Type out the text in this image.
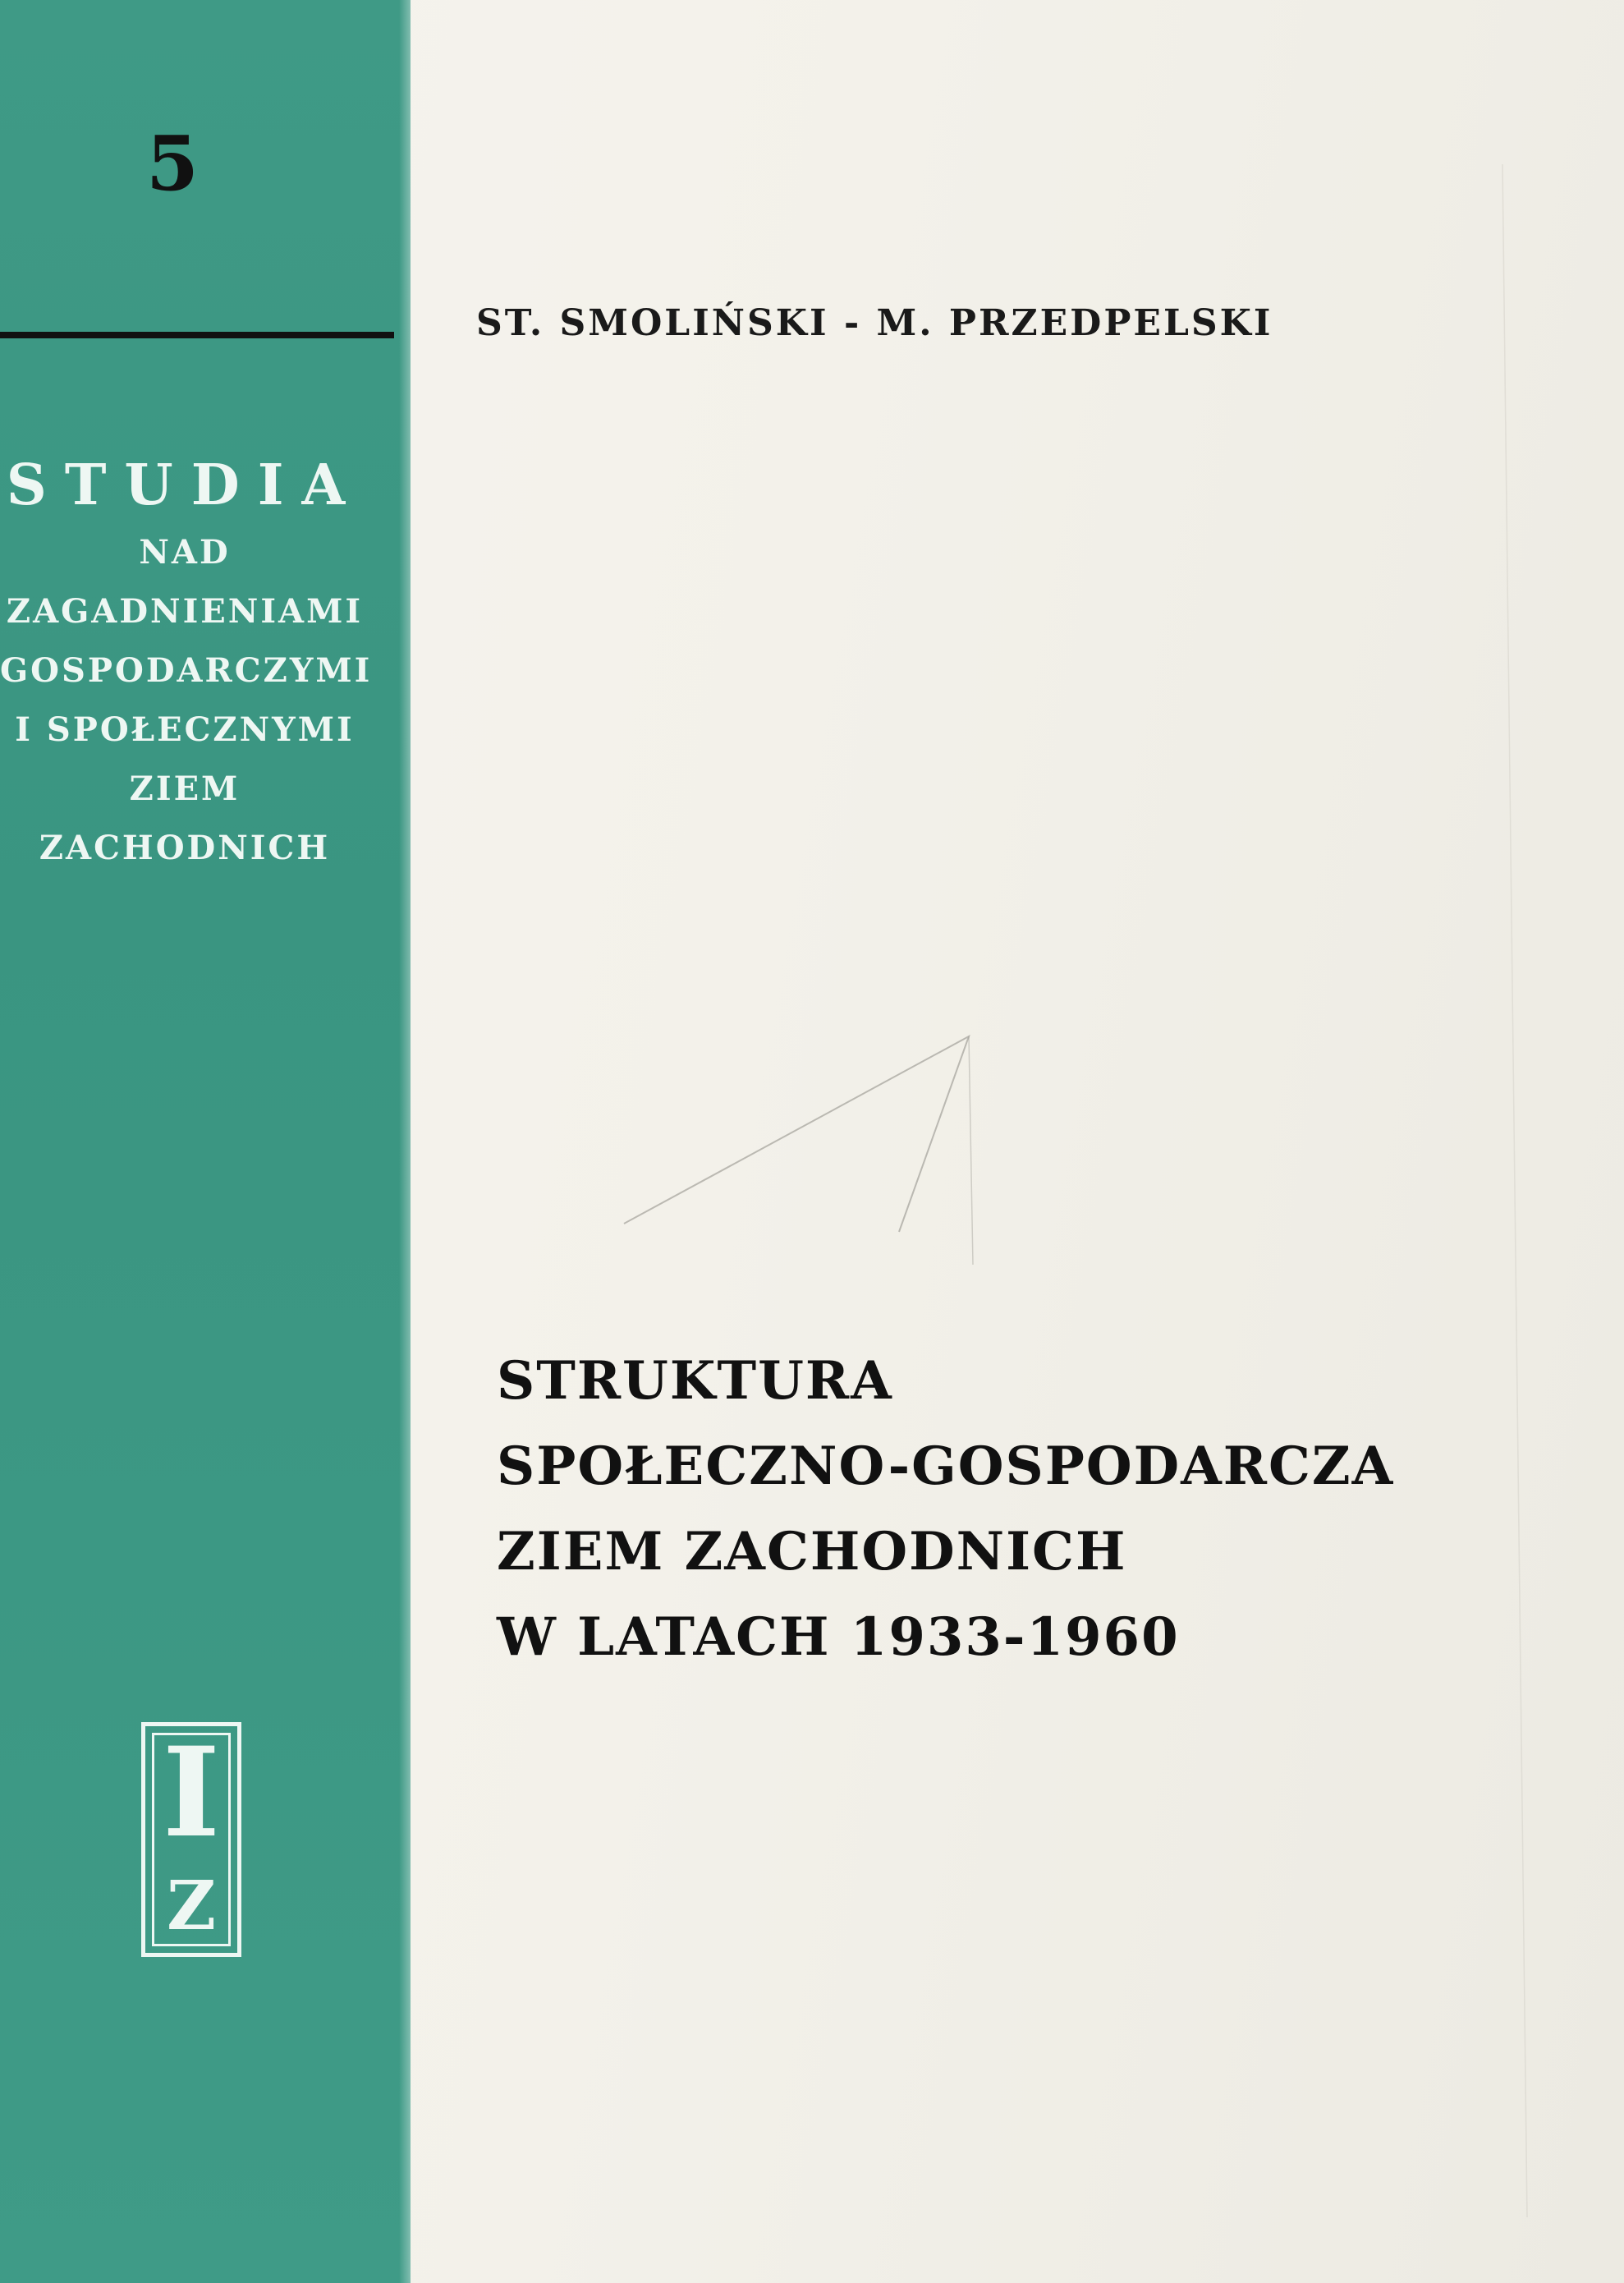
5
STUDIA
NAD
ZAGADNIENIAMI
GOSPODARCZYMI
I SPOŁECZNYMI
ZIEM
ZACHODNICH
I
Z
ST. SMOLIŃSKI - M. PRZEDPELSKI
STRUKTURA
SPOŁECZNO-GOSPODARCZA
ZIEM ZACHODNICH
W LATACH 1933-1960
